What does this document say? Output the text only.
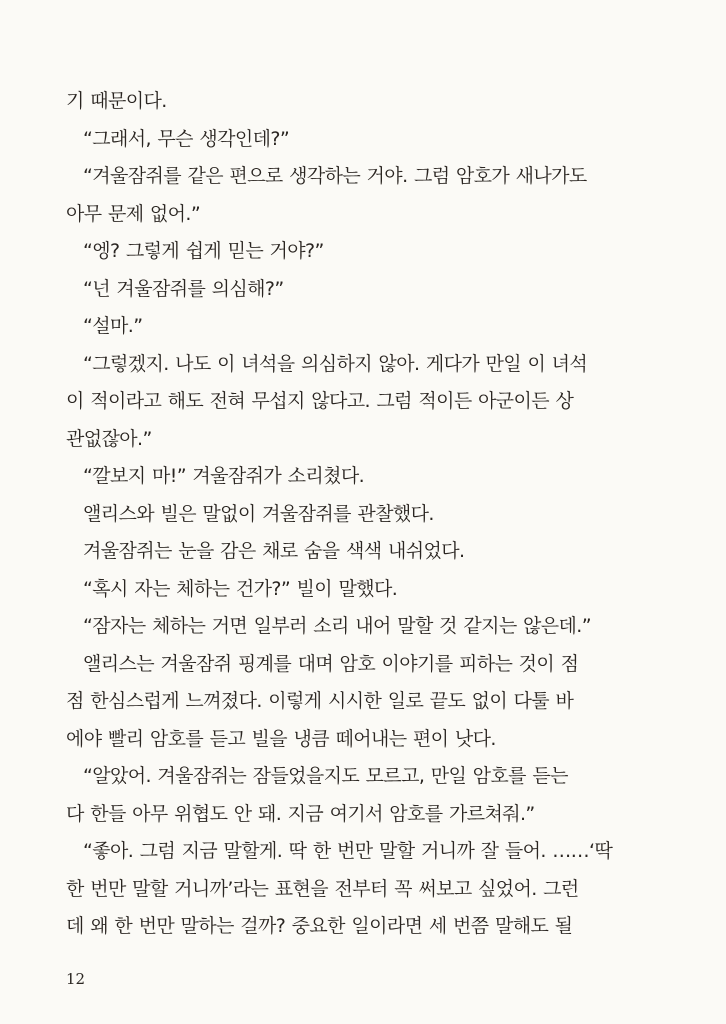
기 때문이다.
“그래서, 무슨 생각인데?”
“겨울잠쥐를 같은 편으로 생각하는 거야. 그럼 암호가 새나가도
아무 문제 없어.”
“엥? 그렇게 쉽게 믿는 거야?”
“넌 겨울잠쥐를 의심해?”
“설마.”
“그렇겠지. 나도 이 녀석을 의심하지 않아. 게다가 만일 이 녀석
이 적이라고 해도 전혀 무섭지 않다고. 그럼 적이든 아군이든 상
관없잖아.”
“깔보지 마!” 겨울잠쥐가 소리쳤다.
앨리스와 빌은 말없이 겨울잠쥐를 관찰했다.
겨울잠쥐는 눈을 감은 채로 숨을 색색 내쉬었다.
“혹시 자는 체하는 건가?” 빌이 말했다.
“잠자는 체하는 거면 일부러 소리 내어 말할 것 같지는 않은데.”
앨리스는 겨울잠쥐 핑계를 대며 암호 이야기를 피하는 것이 점
점 한심스럽게 느껴졌다. 이렇게 시시한 일로 끝도 없이 다툴 바
에야 빨리 암호를 듣고 빌을 냉큼 떼어내는 편이 낫다.
“알았어. 겨울잠쥐는 잠들었을지도 모르고, 만일 암호를 듣는
다 한들 아무 위협도 안 돼. 지금 여기서 암호를 가르쳐줘.”
“좋아. 그럼 지금 말할게. 딱 한 번만 말할 거니까 잘 들어. ……‘딱
한 번만 말할 거니까’라는 표현을 전부터 꼭 써보고 싶었어. 그런
데 왜 한 번만 말하는 걸까? 중요한 일이라면 세 번쯤 말해도 될
12
